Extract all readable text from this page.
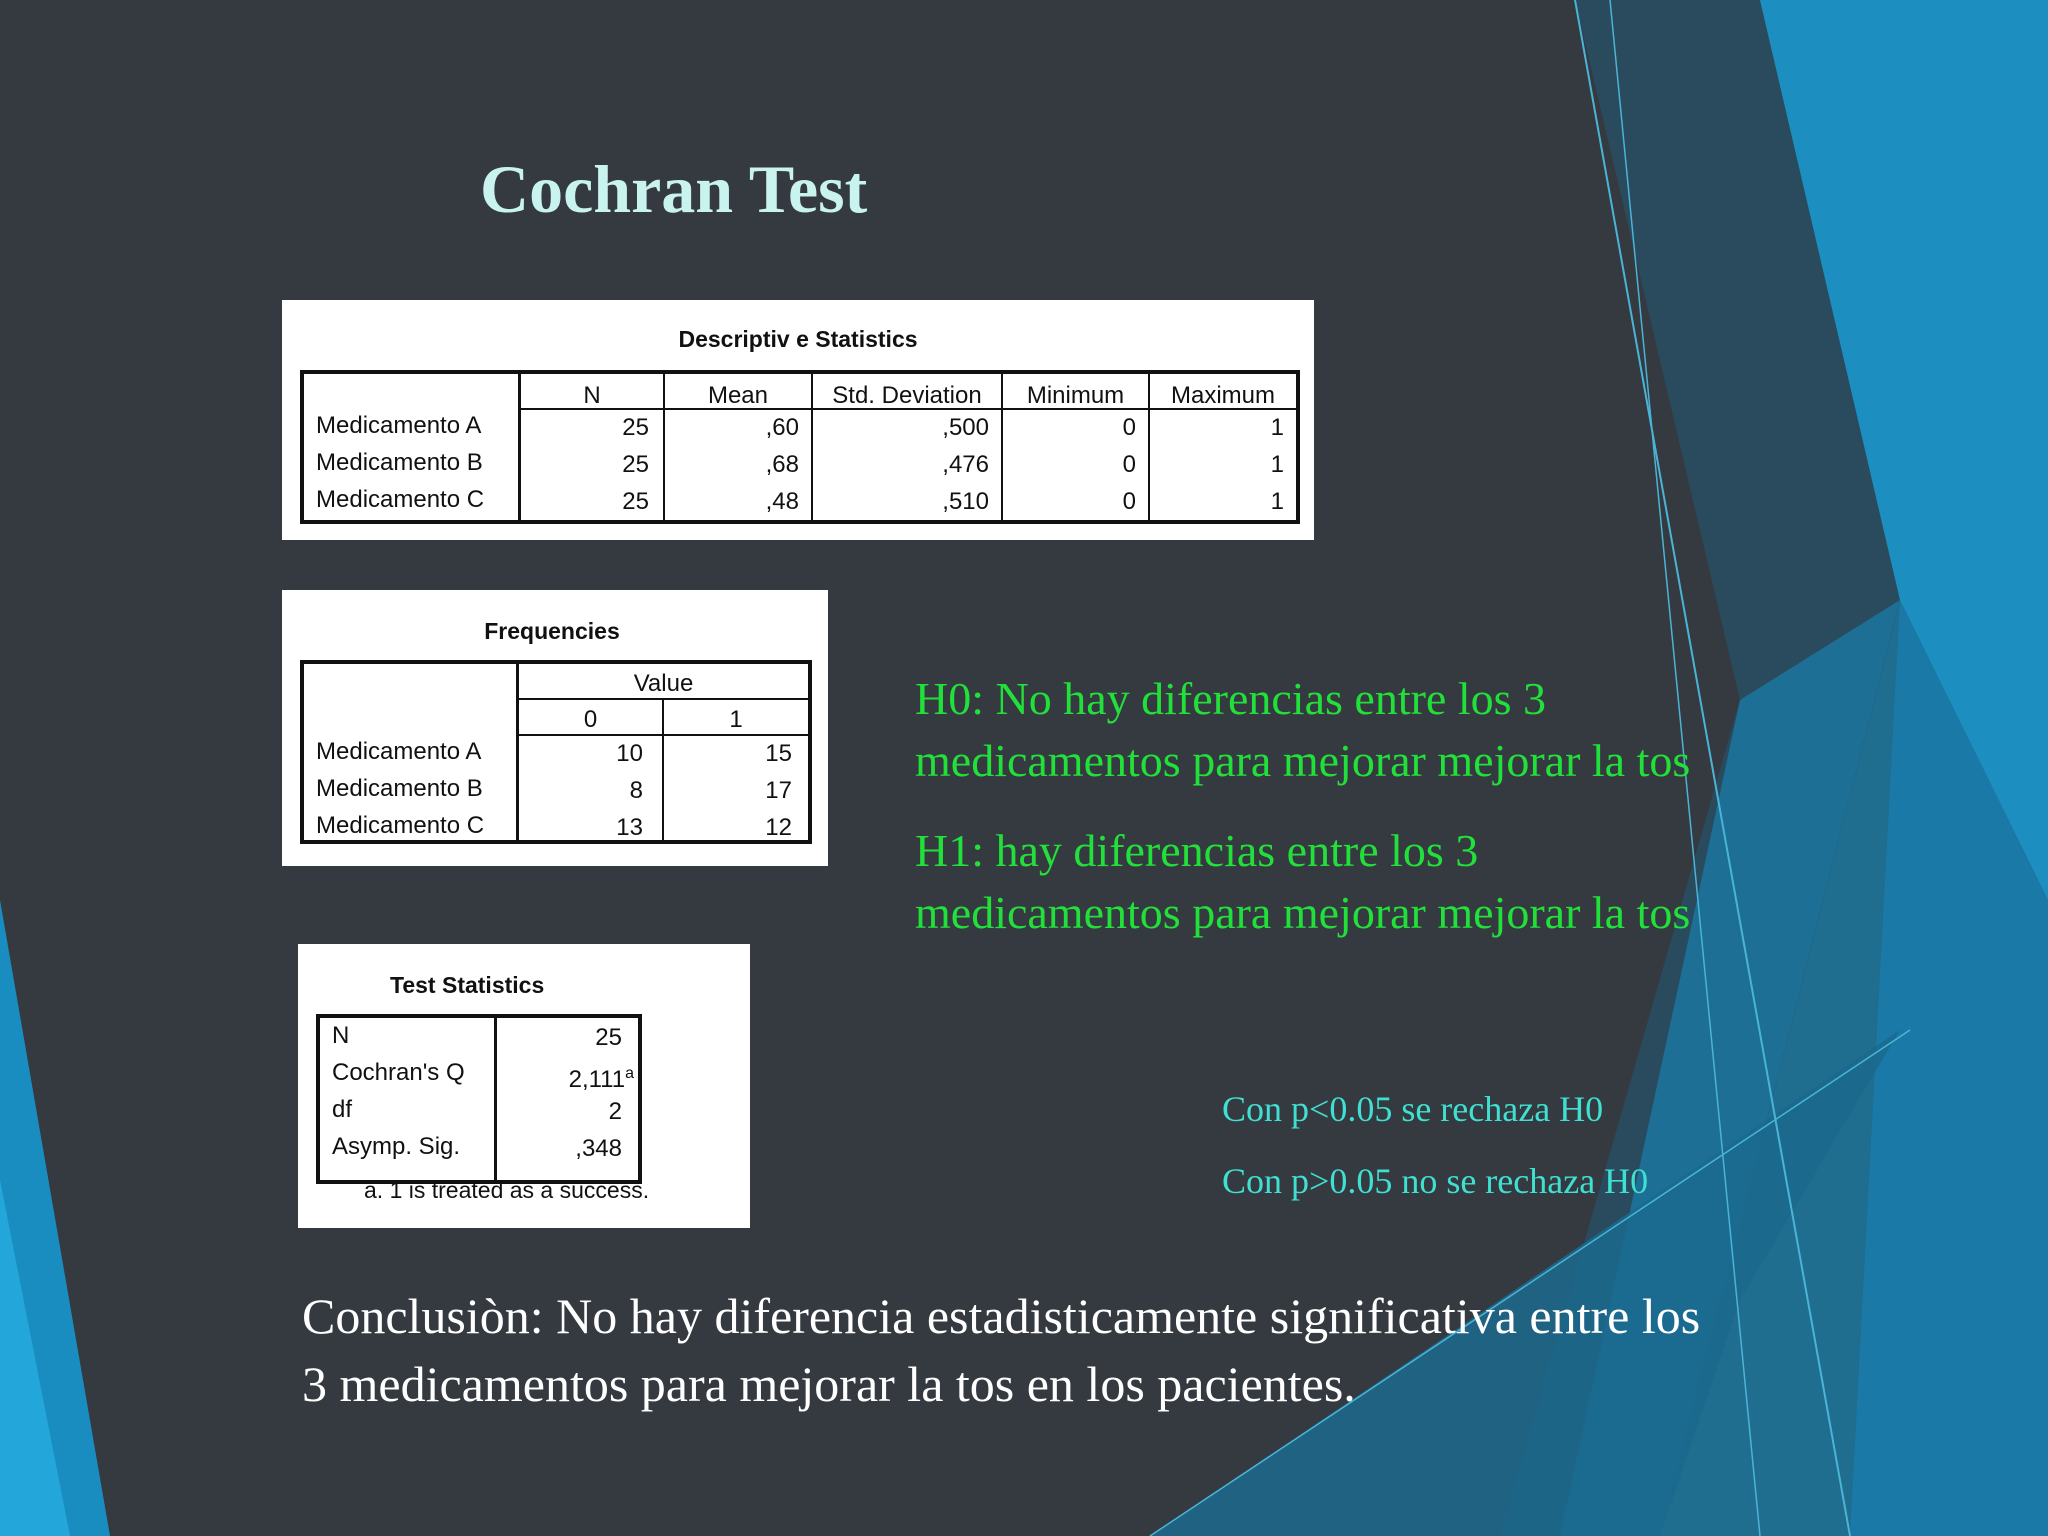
Cochran Test
Descriptiv e Statistics
N	Mean	Std. Deviation	Minimum	Maximum
Medicamento A	25	,60	,500	0	1
Medicamento B	25	,68	,476	0	1
Medicamento C	25	,48	,510	0	1
Frequencies
Value
0	1
Medicamento A	10	15
Medicamento B	8	17
Medicamento C	13	12
Test Statistics
N	25
Cochran's Q	2,111$^a$
df	2
Asymp. Sig.	,348
a. 1 is treated as a success.
H0: No hay diferencias entre los 3
medicamentos para mejorar mejorar la tos
H1: hay diferencias entre los 3
medicamentos para mejorar mejorar la tos
Con p<0.05 se rechaza H0
Con p>0.05 no se rechaza H0
Conclusiòn: No hay diferencia estadisticamente significativa entre los
3 medicamentos para mejorar la tos en los pacientes.
